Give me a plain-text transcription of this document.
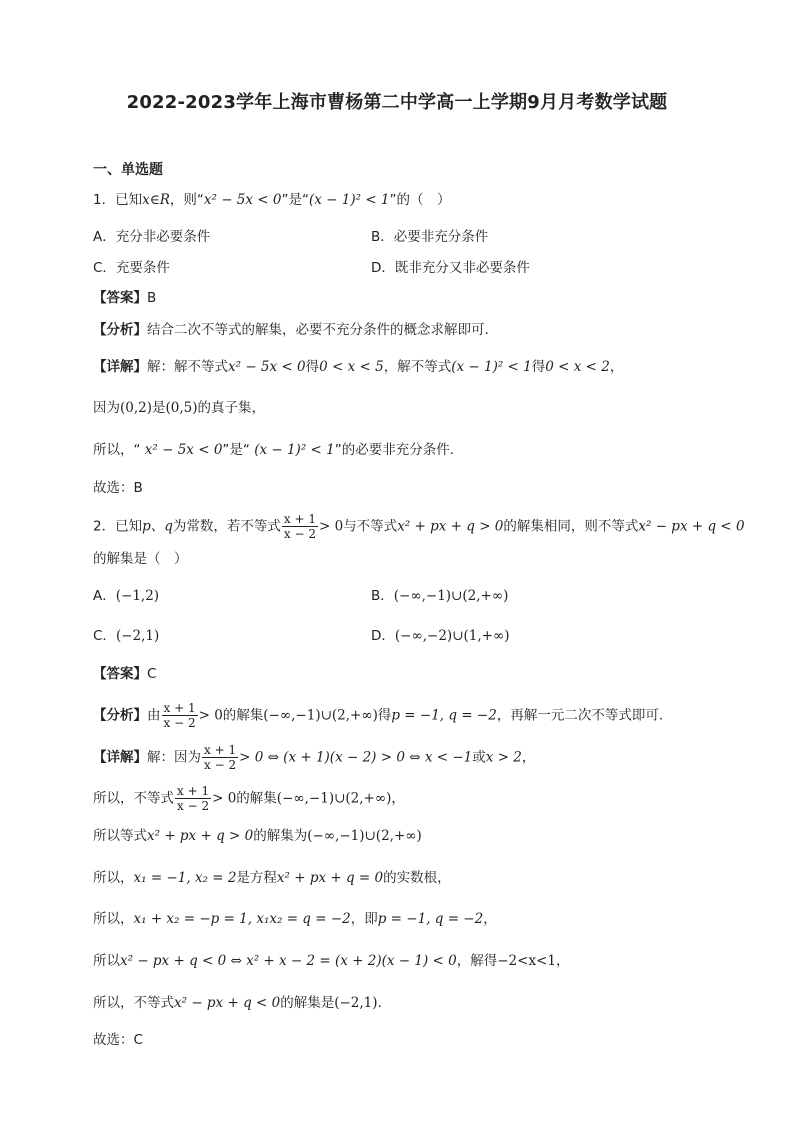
2022-2023学年上海市曹杨第二中学高一上学期9月月考数学试题
一、单选题
1．已知x∈R，则“x² − 5x < 0”是“(x − 1)² < 1”的（　）
A．充分非必要条件	B．必要非充分条件
C．充要条件	D．既非充分又非必要条件
【答案】B
【分析】结合二次不等式的解集，必要不充分条件的概念求解即可.
【详解】解：解不等式x² − 5x < 0得0 < x < 5，解不等式(x − 1)² < 1得0 < x < 2，
因为(0,2)是(0,5)的真子集，
所以，“ x² − 5x < 0”是“ (x − 1)² < 1”的必要非充分条件.
故选：B
2．已知p、q为常数，若不等式 $\frac{x + 1}{x - 2} > 0$与不等式x² + px + q > 0的解集相同，则不等式x² − px + q < 0
的解集是（　）
A．(−1,2)	B．(−∞,−1)∪(2,+∞)
C．(−2,1)	D．(−∞,−2)∪(1,+∞)
【答案】C
【分析】由 $\frac{x + 1}{x - 2} > 0$的解集(−∞,−1)∪(2,+∞)得p = −1, q = −2，再解一元二次不等式即可.
【详解】解：因为 $\frac{x + 1}{x - 2} > 0$ ⇔ (x + 1)(x − 2) > 0 ⇔ x < −1或x > 2，
所以，不等式 $\frac{x + 1}{x - 2} > 0$的解集(−∞,−1)∪(2,+∞)，
所以等式x² + px + q > 0的解集为(−∞,−1)∪(2,+∞)
所以，x₁ = −1, x₂ = 2是方程x² + px + q = 0的实数根，
所以，x₁ + x₂ = −p = 1, x₁x₂ = q = −2，即p = −1, q = −2，
所以x² − px + q < 0 ⇔ x² + x − 2 = (x + 2)(x − 1) < 0，解得−2<x<1，
所以，不等式x² − px + q < 0的解集是(−2,1).
故选：C
